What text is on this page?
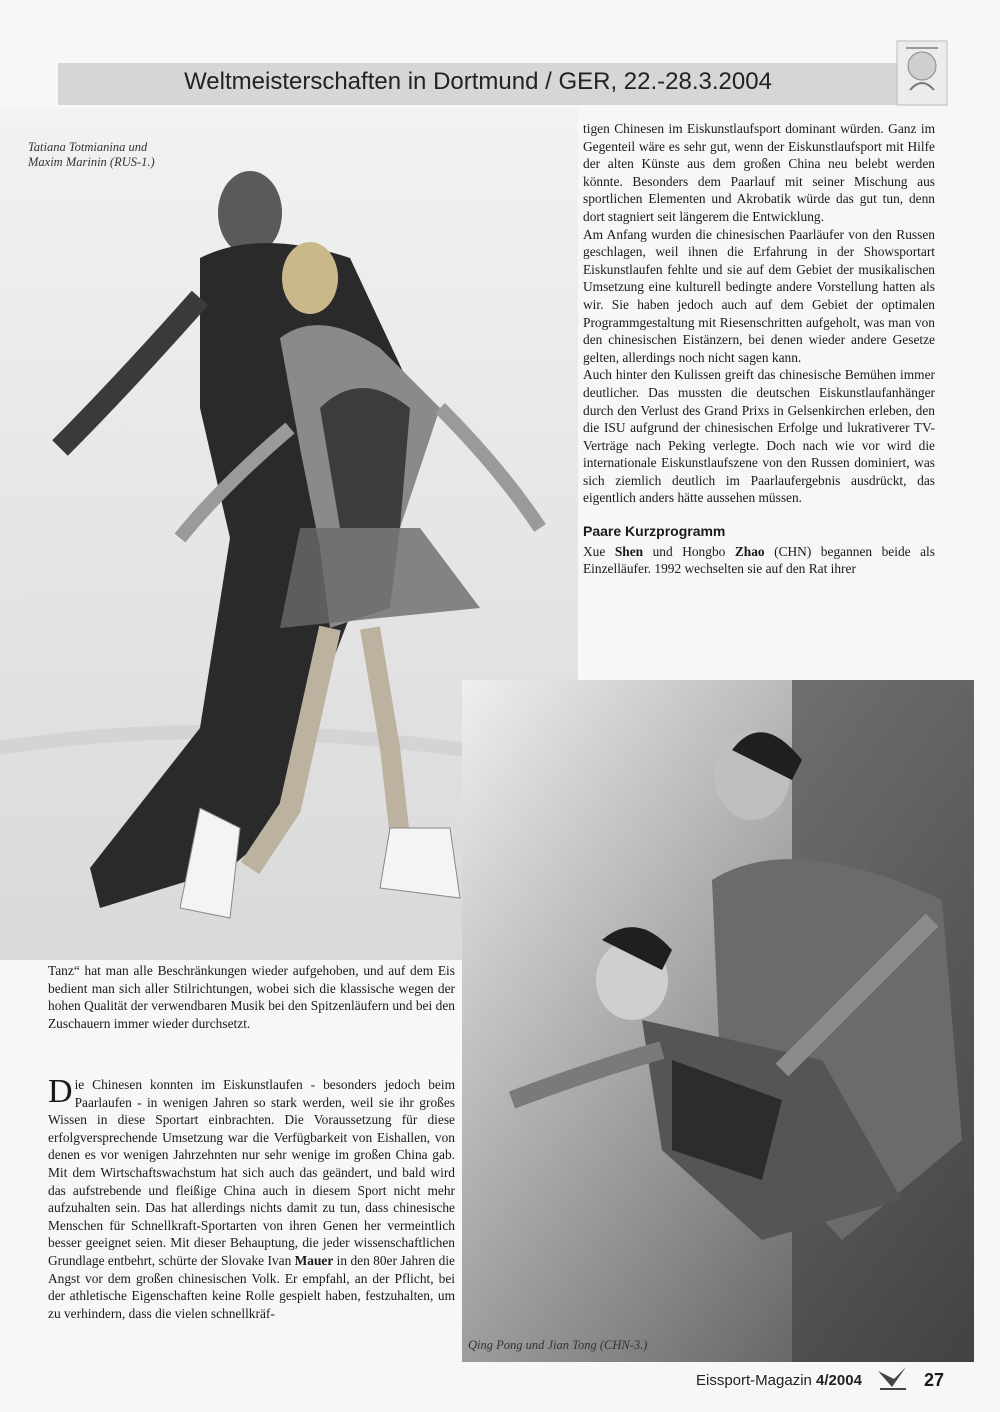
Weltmeisterschaften in Dortmund / GER, 22.-28.3.2004
Tatiana Totmianina und
Maxim Marinin (RUS-1.)
Qing Pong und Jian Tong (CHN-3.)

tigen Chinesen im Eiskunstlaufsport dominant würden. Ganz im Gegenteil wäre es sehr gut, wenn der Eiskunstlaufsport mit Hilfe der alten Künste aus dem großen China neu belebt werden könnte. Besonders dem Paarlauf mit seiner Mischung aus sportlichen Elementen und Akrobatik würde das gut tun, denn dort stagniert seit längerem die Entwicklung.

Am Anfang wurden die chinesischen Paarläufer von den Russen geschlagen, weil ihnen die Erfahrung in der Showsportart Eiskunstlaufen fehlte und sie auf dem Gebiet der musikalischen Umsetzung eine kulturell bedingte andere Vorstellung hatten als wir. Sie haben jedoch auch auf dem Gebiet der optimalen Programmgestaltung mit Riesenschritten aufgeholt, was man von den chinesischen Eistänzern, bei denen wieder andere Gesetze gelten, allerdings noch nicht sagen kann.

Auch hinter den Kulissen greift das chinesische Bemühen immer deutlicher. Das mussten die deutschen Eiskunstlaufanhänger durch den Verlust des Grand Prixs in Gelsenkirchen erleben, den die ISU aufgrund der chinesischen Erfolge und lukrativerer TV-Verträge nach Peking verlegte. Doch nach wie vor wird die internationale Eiskunstlaufszene von den Russen dominiert, was sich ziemlich deutlich im Paarlaufergebnis ausdrückt, das eigentlich anders hätte aussehen müssen.

Paare Kurzprogramm

Xue Shen und Hongbo Zhao (CHN) begannen beide als Einzelläufer. 1992 wechselten sie auf den Rat ihrer

Tanz“ hat man alle Beschränkungen wieder aufgehoben, und auf dem Eis bedient man sich aller Stilrichtungen, wobei sich die klassische wegen der hohen Qualität der verwendbaren Musik bei den Spitzenläufern und bei den Zuschauern immer wieder durchsetzt.

Die Chinesen konnten im Eiskunstlaufen - besonders jedoch beim Paarlaufen - in wenigen Jahren so stark werden, weil sie ihr großes Wissen in diese Sportart einbrachten. Die Voraussetzung für diese erfolgversprechende Umsetzung war die Verfügbarkeit von Eishallen, von denen es vor wenigen Jahrzehnten nur sehr wenige im großen China gab. Mit dem Wirtschaftswachstum hat sich auch das geändert, und bald wird das aufstrebende und fleißige China auch in diesem Sport nicht mehr aufzuhalten sein. Das hat allerdings nichts damit zu tun, dass chinesische Menschen für Schnellkraft-Sportarten von ihren Genen her vermeintlich besser geeignet seien. Mit dieser Behauptung, die jeder wissenschaftlichen Grundlage entbehrt, schürte der Slovake Ivan Mauer in den 80er Jahren die Angst vor dem großen chinesischen Volk. Er empfahl, an der Pflicht, bei der athletische Eigenschaften keine Rolle gespielt haben, festzuhalten, um zu verhindern, dass die vielen schnellkräf-

Eissport-Magazin 4/2004	27
